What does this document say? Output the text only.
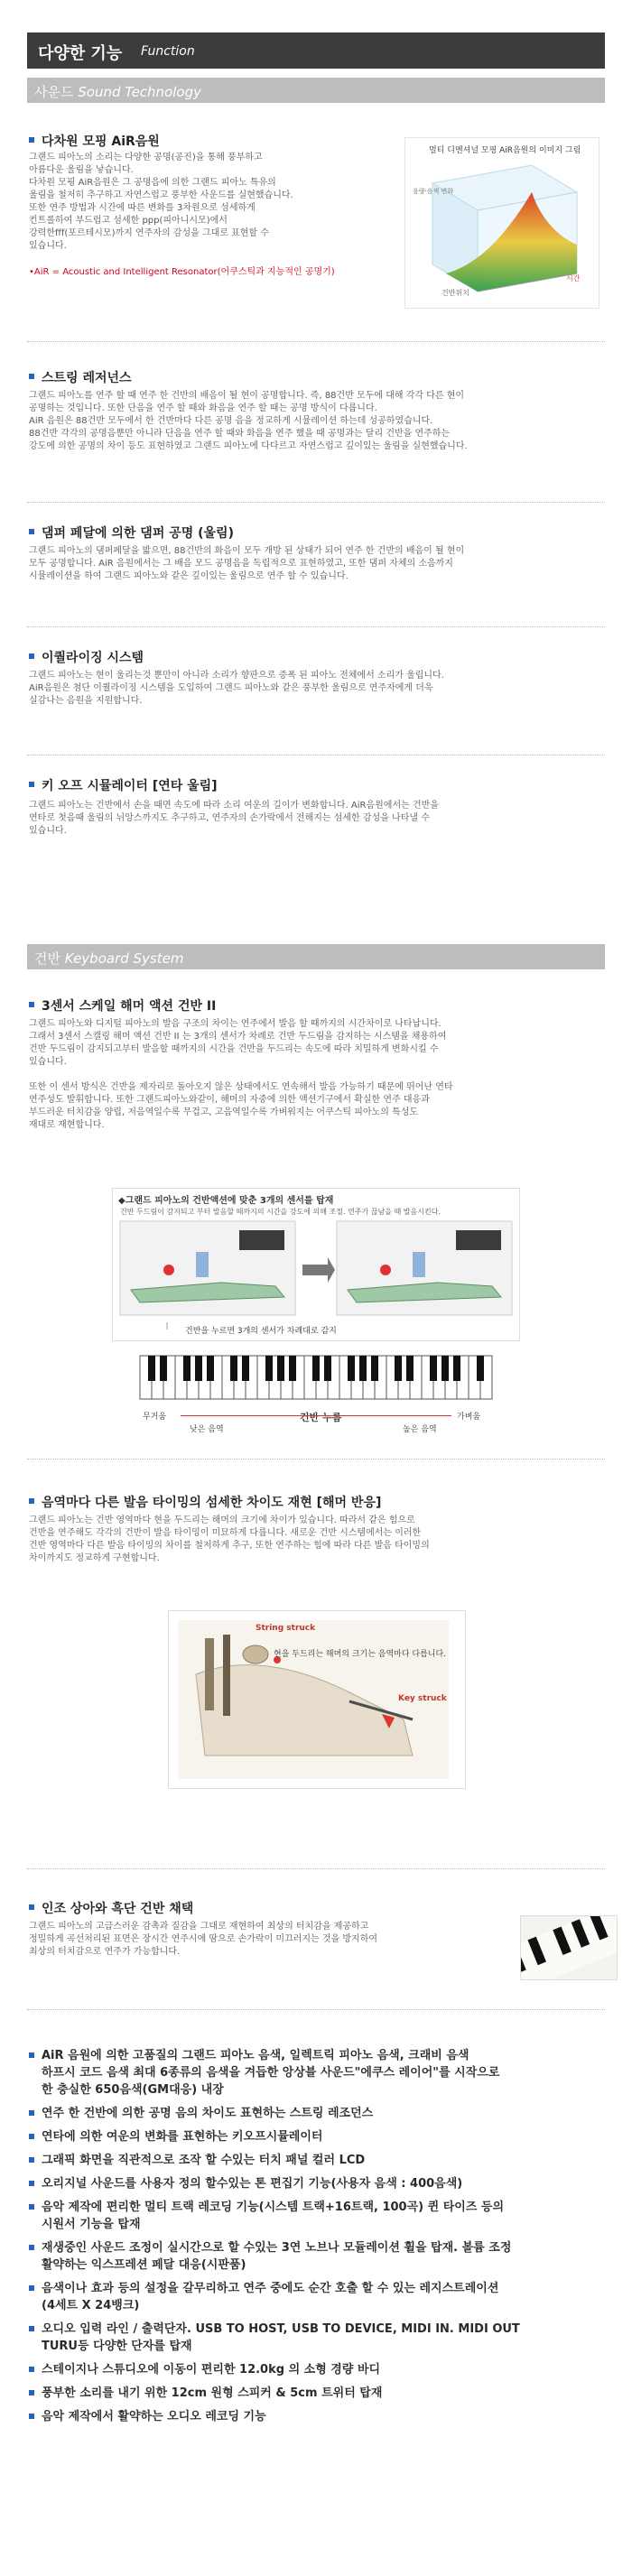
다양한 기능 Function
사운드 Sound Technology
다차원 모핑 AiR음원
그랜드 피아노의 소리는 다양한 공명(공진)을 통해 풍부하고
아름다운 울림을 낳습니다.
다차원 모핑 AiR음원은 그 공명음에 의한 그랜드 피아노 특유의
울림을 철저히 추구하고 자연스럽고 풍부한 사운드를 실현했습니다.
또한 연주 방법과 시간에 따른 변화를 3차원으로 섬세하게
컨트롤하여 부드럽고 섬세한 ppp(피아니시모)에서
강력한fff(포르테시모)까지 연주자의 감성을 그대로 표현할 수
있습니다.
•AiR = Acoustic and Intelligent Resonator(어쿠스틱과 지능적인 공명기)
멀티 디멘셔널 모핑 AiR음원의 이미지 그림
음량·음색 변화
건반위치
시간
스트링 레저넌스
그랜드 피아노를 연주 할 때 연주 한 건반의 배음이 될 현이 공명합니다. 즉, 88건반 모두에 대해 각각 다른 현이
공명하는 것입니다. 또한 단음을 연주 할 때와 화음을 연주 할 때는 공명 방식이 다릅니다.
AiR 음원은 88건반 모두에서 한 건반마다 다른 공명 음을 정교하게 시뮬레이션 하는데 성공하였습니다.
88건반 각각의 공명음뿐만 아니라 단음을 연주 할 때와 화음을 연주 했을 때 공명과는 달리 건반을 연주하는
강도에 의한 공명의 차이 등도 표현하였고 그랜드 피아노에 다다르고 자연스럽고 깊이있는 울림을 실현했습니다.
댐퍼 페달에 의한 댐퍼 공명 (울림)
그랜드 피아노의 댐퍼페달을 밟으면, 88건반의 화음이 모두 개방 된 상태가 되어 연주 한 건반의 배음이 될 현이
모두 공명합니다. AiR 음원에서는 그 배음 모드 공명음을 독립적으로 표현하였고, 또한 댐퍼 자체의 소음까지
시뮬레이션을 하여 그랜드 피아노와 같은 깊이있는 울림으로 연주 할 수 있습니다.
이퀄라이징 시스템
그랜드 피아노는 현이 울리는것 뿐만이 아니라 소리가 향판으로 증폭 된 피아노 전체에서 소리가 울립니다.
AiR음원은 첨단 이퀄라이징 시스템을 도입하여 그랜드 피아노와 같은 풍부한 울림으로 연주자에게 더욱
실감나는 음원을 지원합니다.
키 오프 시뮬레이터 [연타 울림]
그랜드 피아노는 건반에서 손을 때면 속도에 따라 소리 여운의 길이가 변화합니다. AiR음원에서는 건반을
연타로 첫음때 울림의 뉘앙스까지도 추구하고, 연주자의 손가락에서 전해지는 섬세한 감성을 나타낼 수
있습니다.
건반 Keyboard System
3센서 스케일 해머 액션 건반 II
그랜드 피아노와 디지털 피아노의 발음 구조의 차이는 연주에서 발음 할 때까지의 시간차이로 나타납니다.
그래서 3센서 스캘링 해머 액션 건반 II 는 3개의 센서가 차례로 건반 두드림을 감지하는 시스템을 채용하여
건반 두드림이 감지되고부터 발음할 때까지의 시간을 건반을 두드리는 속도에 따라 치밀하게 변화시킬 수
있습니다.

또한 이 센서 방식은 건반을 제자리로 돌아오지 않은 상태에서도 연속해서 발음 가능하기 때문에 뛰어난 연타
연주성도 발휘합니다. 또한 그랜드피아노와같이, 해머의 자중에 의한 액션기구에서 확실한 연주 대응과
부드러운 터치감을 양립, 저음역일수록 무겁고, 고음역일수록 가벼워지는 어쿠스틱 피아노의 특성도
재대로 재현합니다.
◆그랜드 피아노의 건반액션에 맞춘 3개의 센서를 탑재
건반 두드림이 감지되고 부터 발음할 때까지의 시간을 강도에 의해 조절. 연주가 끊남을 때 발음시킨다.
건반을 누르면 3개의 센서가 차례대로 감지
무거움
낮은 음역
건반 누름
높은 음역
가벼움
음역마다 다른 발음 타이밍의 섬세한 차이도 재현 [해머 반응]
그랜드 피아노는 건반 영역마다 현을 두드리는 해머의 크기에 차이가 있습니다. 따라서 같은 힘으로
건반을 연주해도 각각의 건반이 발음 타이밍이 미묘하게 다릅니다. 새로운 건반 시스템에서는 이러한
건반 영역마다 다른 발음 타이밍의 차이를 철저하게 추구, 또한 연주하는 힘에 따라 다른 발음 타이밍의
차이까지도 정교하게 구현합니다.
String struck
현을 두드리는 해머의 크기는 음역마다 다릅니다.
Key struck
인조 상아와 흑단 건반 채택
그랜드 피아노의 고급스러운 감촉과 질감을 그대로 재현하여 최상의 터치감을 제공하고
정밀하게 곡선처리된 표면은 장시간 연주시에 땀으로 손가락이 미끄러지는 것을 방지하여
최상의 터치감으로 연주가 가능합니다.
AiR 음원에 의한 고품질의 그랜드 피아노 음색, 일렉트릭 피아노 음색, 크래비 음색
하프시 코드 음색 최대 6종류의 음색을 겨듭한 앙상블 사운드"에쿠스 레이어"를 시작으로
한 충실한 650음색(GM대응) 내장
연주 한 건반에 의한 공명 음의 차이도 표현하는 스트링 레조던스
연타에 의한 여운의 변화를 표현하는 키오프시뮬레이터
그래픽 화면을 직관적으로 조작 할 수있는 터치 패널 컬러 LCD
오리지널 사운드를 사용자 정의 할수있는 톤 편집기 기능(사용자 음색 : 400음색)
음악 제작에 편리한 멀티 트랙 레코딩 기능(시스템 트랙+16트랙, 100곡) 퀸 타이즈 등의
시원서 기능을 탑재
재생중인 사운드 조정이 실시간으로 할 수있는 3연 노브나 모듈레이션 휠을 탑재. 볼륨 조정
활약하는 익스프레션 페달 대응(시판품)
음색이나 효과 등의 설정을 갈무리하고 연주 중에도 순간 호출 할 수 있는 레지스트레이션
(4세트 X 24뱅크)
오디오 입력 라인 / 출력단자. USB TO HOST, USB TO DEVICE, MIDI IN. MIDI OUT
TURU등 다양한 단자를 탑재
스테이지나 스튜디오에 이동이 편리한 12.0kg 의 소형 경량 바디
풍부한 소리를 내기 위한 12cm 원형 스피커 & 5cm 트위터 탑재
음악 제작에서 활약하는 오디오 레코딩 기능
